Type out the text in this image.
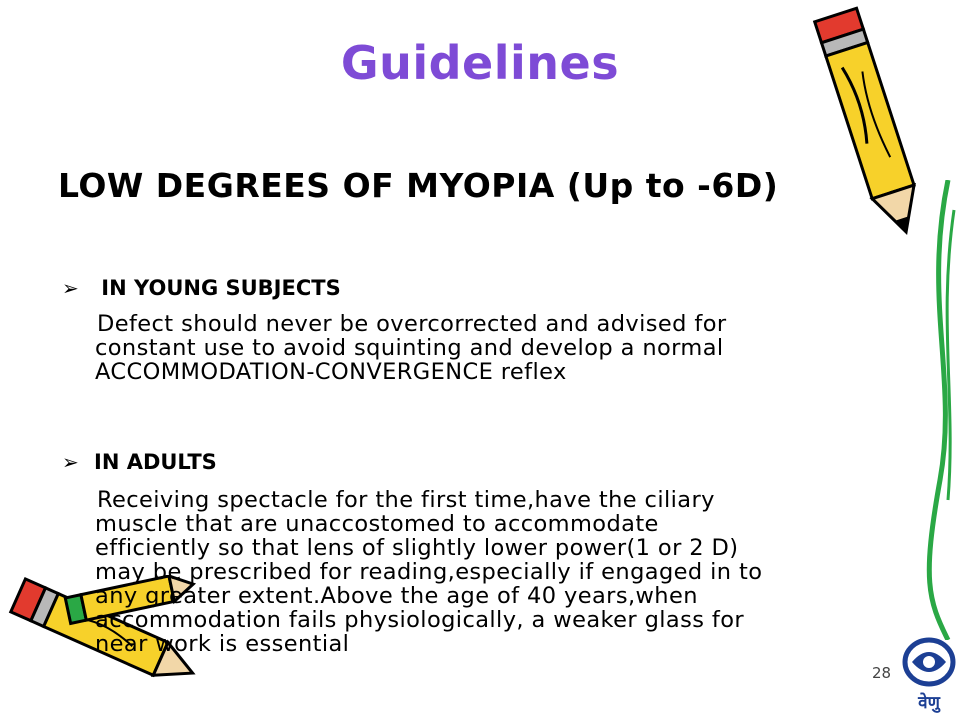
Guidelines
LOW DEGREES OF MYOPIA (Up to -6D)
➢ IN YOUNG SUBJECTS
Defect should never be overcorrected and advised for
constant use to avoid squinting and develop a normal
ACCOMMODATION-CONVERGENCE reflex
➢ IN ADULTS
Receiving spectacle for the first time,have the ciliary
muscle that are unaccostomed to accommodate
efficiently so that lens of slightly lower power(1 or 2 D)
may be prescribed for reading,especially if engaged in to
any greater extent.Above the age of 40 years,when
accommodation fails physiologically, a weaker glass for
near work is essential
28
वेणु
